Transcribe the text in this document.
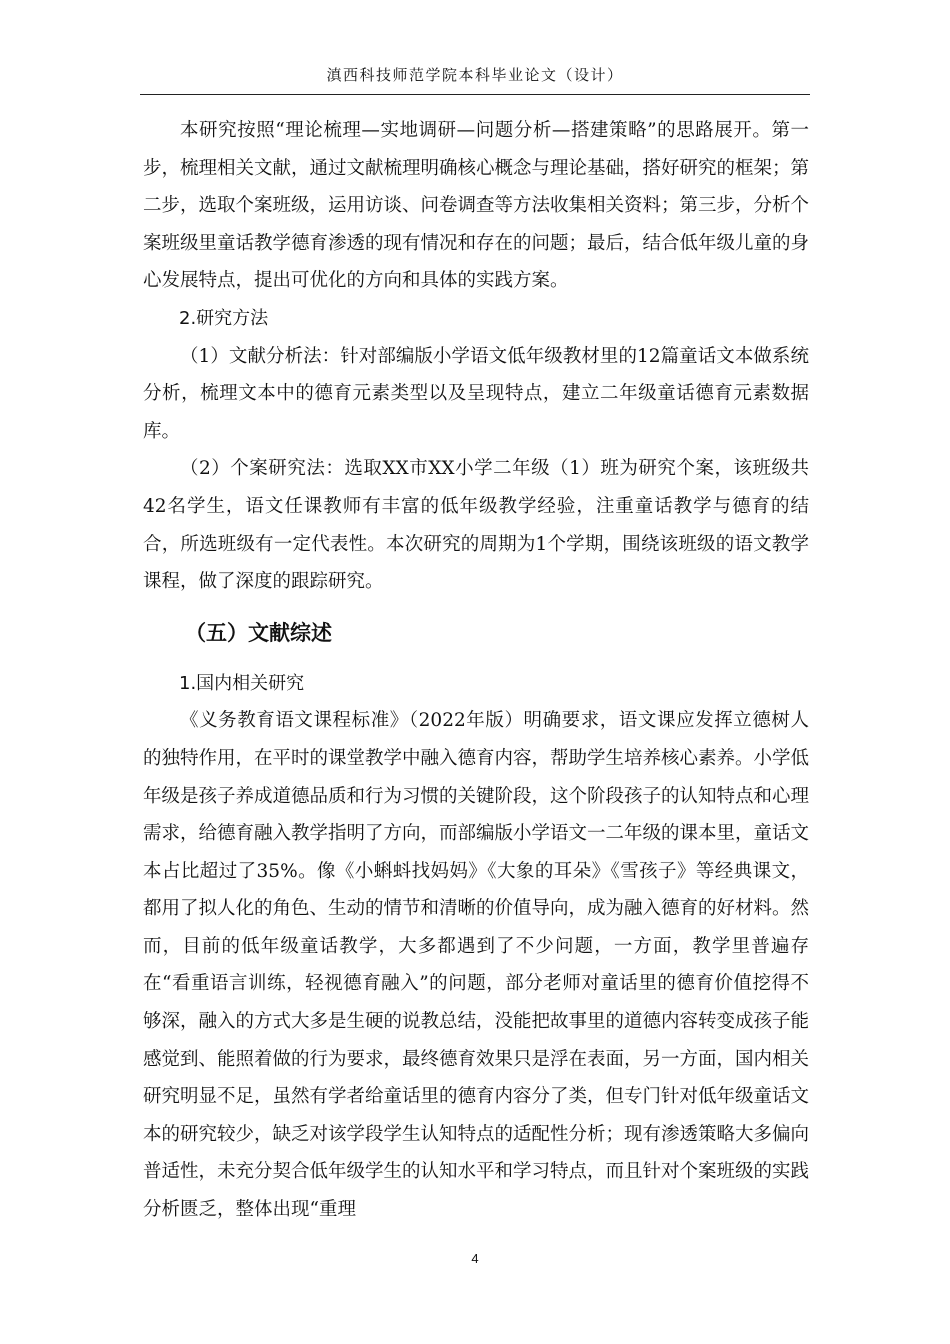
滇西科技师范学院本科毕业论文（设计）

本研究按照“理论梳理—实地调研—问题分析—搭建策略”的思路展开。第一步，梳理相关文献，通过文献梳理明确核心概念与理论基础，搭好研究的框架；第二步，选取个案班级，运用访谈、问卷调查等方法收集相关资料；第三步，分析个案班级里童话教学德育渗透的现有情况和存在的问题；最后，结合低年级儿童的身心发展特点，提出可优化的方向和具体的实践方案。

2.研究方法

（1）文献分析法：针对部编版小学语文低年级教材里的12篇童话文本做系统分析，梳理文本中的德育元素类型以及呈现特点，建立二年级童话德育元素数据库。

（2）个案研究法：选取XX市XX小学二年级（1）班为研究个案，该班级共42名学生，语文任课教师有丰富的低年级教学经验，注重童话教学与德育的结合，所选班级有一定代表性。本次研究的周期为1个学期，围绕该班级的语文教学课程，做了深度的跟踪研究。

（五）文献综述

1.国内相关研究

《义务教育语文课程标准》（2022年版）明确要求，语文课应发挥立德树人的独特作用，在平时的课堂教学中融入德育内容，帮助学生培养核心素养。小学低年级是孩子养成道德品质和行为习惯的关键阶段，这个阶段孩子的认知特点和心理需求，给德育融入教学指明了方向，而部编版小学语文一二年级的课本里，童话文本占比超过了35%。像《小蝌蚪找妈妈》《大象的耳朵》《雪孩子》等经典课文，都用了拟人化的角色、生动的情节和清晰的价值导向，成为融入德育的好材料。然而，目前的低年级童话教学，大多都遇到了不少问题，一方面，教学里普遍存在“看重语言训练，轻视德育融入”的问题，部分老师对童话里的德育价值挖得不够深，融入的方式大多是生硬的说教总结，没能把故事里的道德内容转变成孩子能感觉到、能照着做的行为要求，最终德育效果只是浮在表面，另一方面，国内相关研究明显不足，虽然有学者给童话里的德育内容分了类，但专门针对低年级童话文本的研究较少，缺乏对该学段学生认知特点的适配性分析；现有渗透策略大多偏向普适性，未充分契合低年级学生的认知水平和学习特点，而且针对个案班级的实践分析匮乏，整体出现“重理

4
